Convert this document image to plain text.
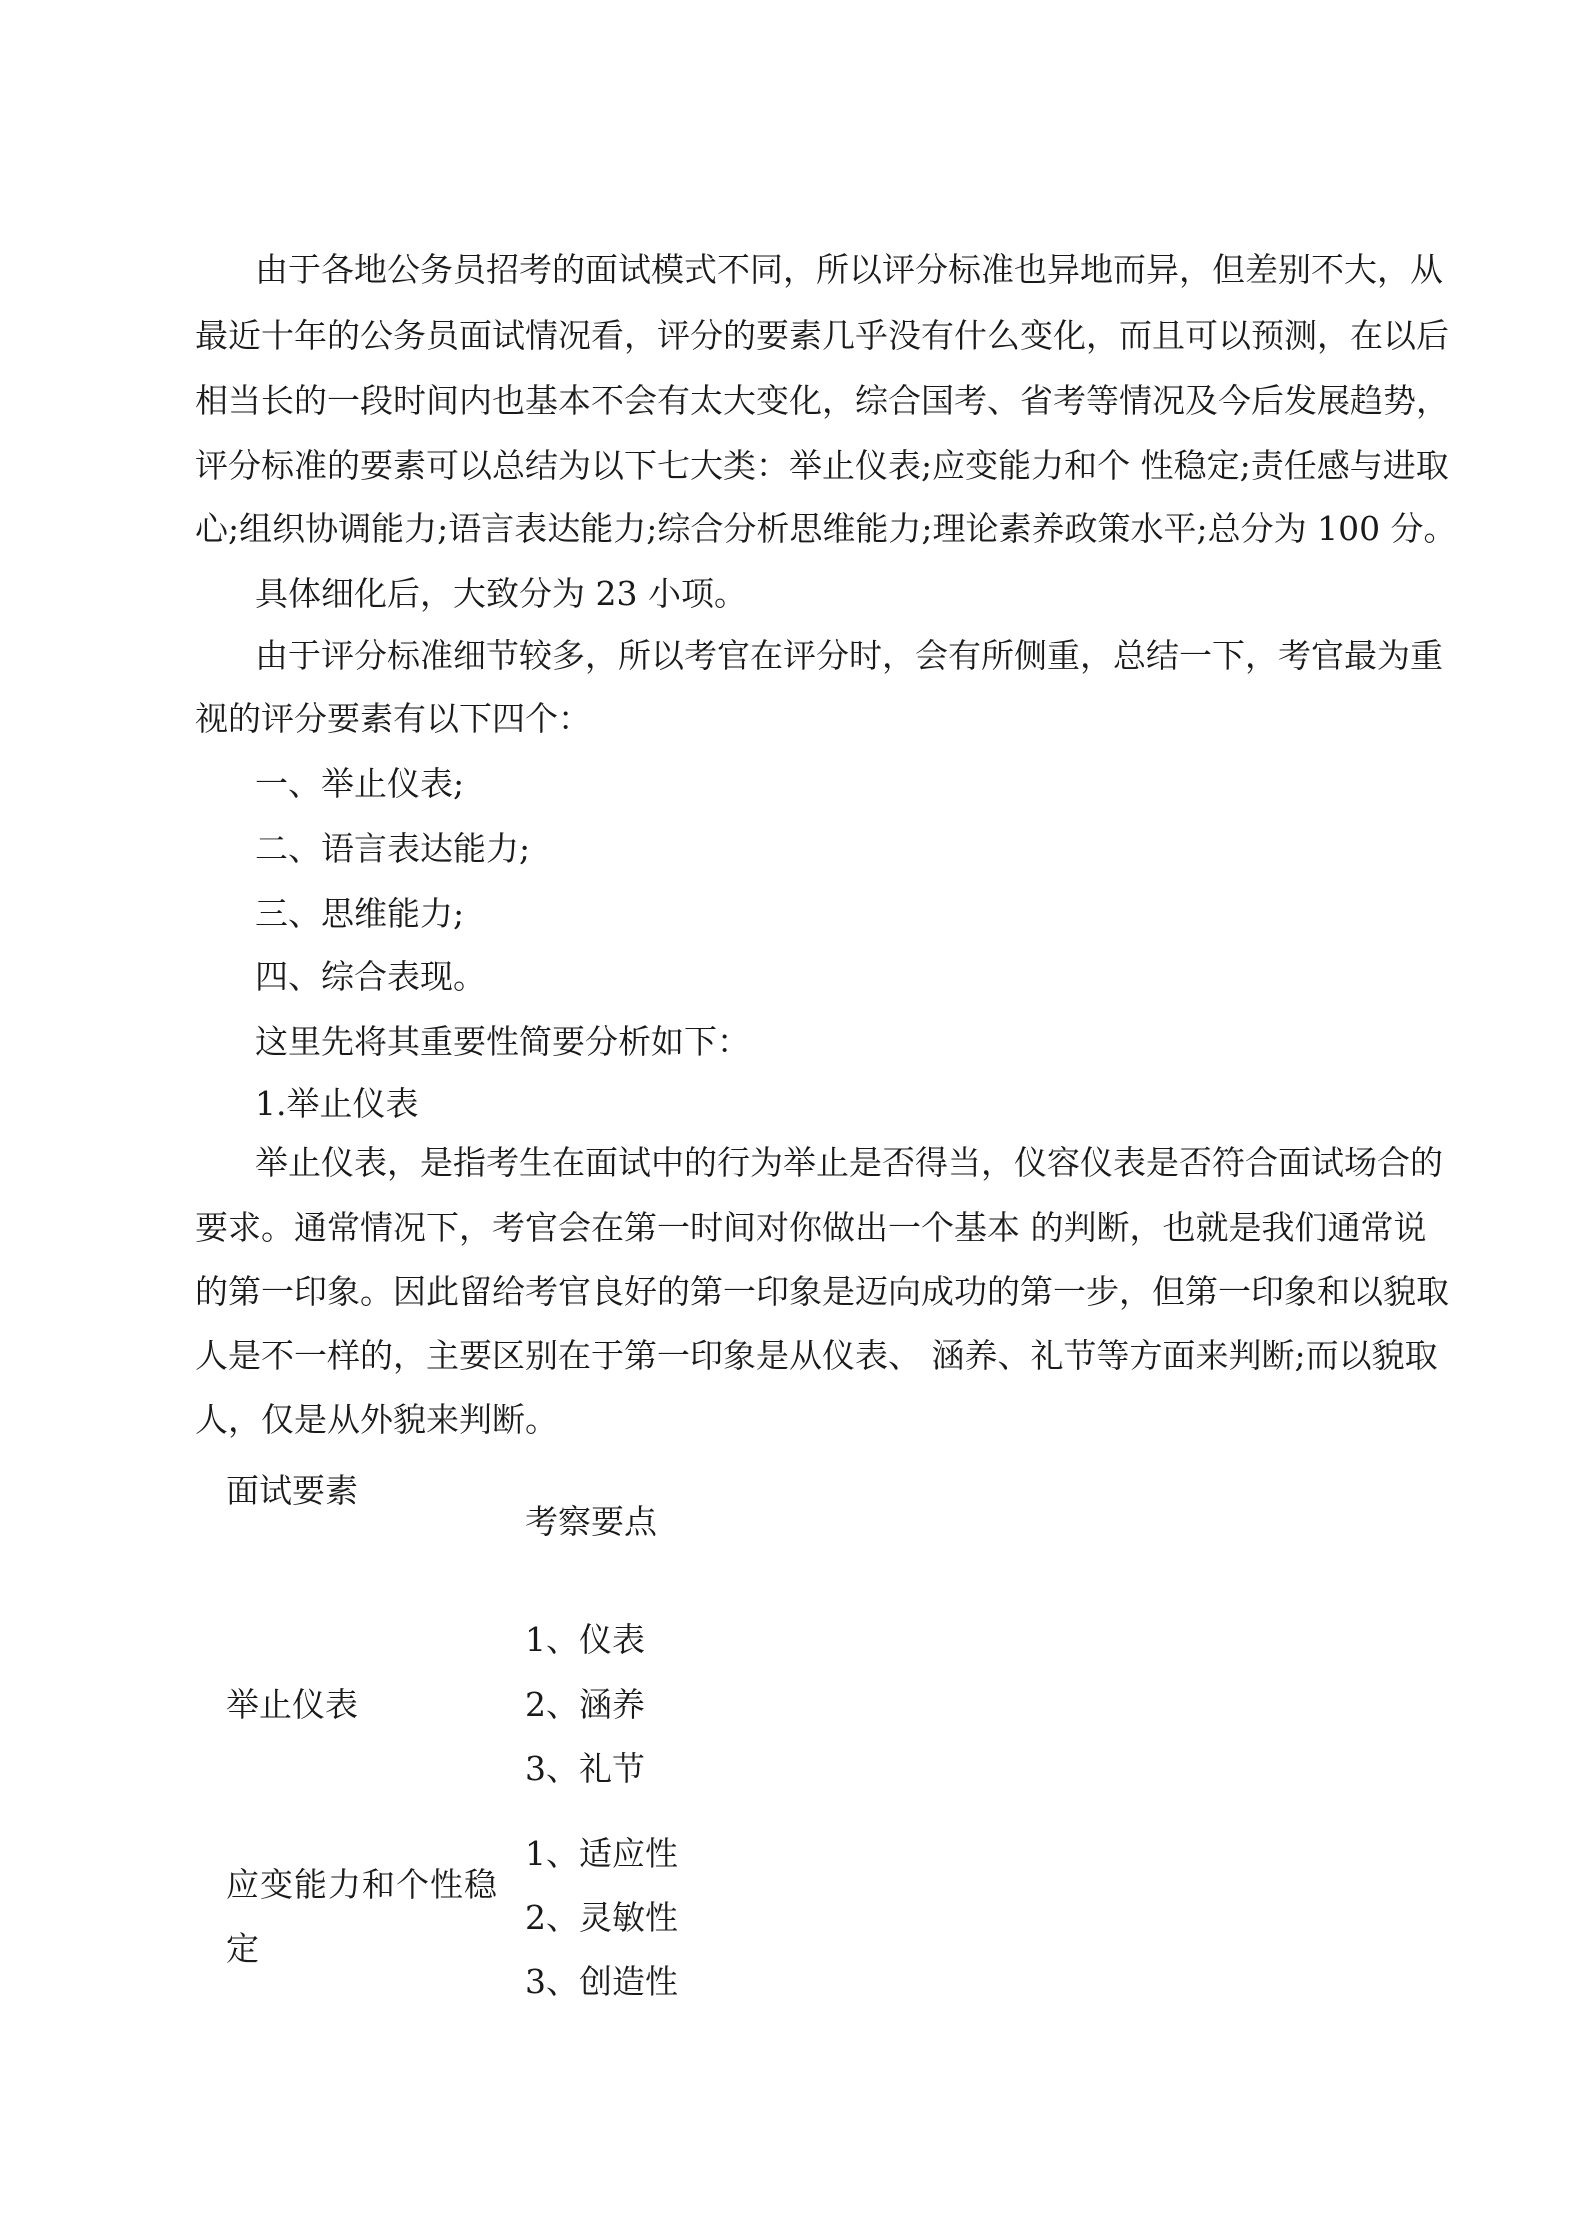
由于各地公务员招考的面试模式不同，所以评分标准也异地而异，但差别不大，从
最近十年的公务员面试情况看，评分的要素几乎没有什么变化，而且可以预测，在以后
相当长的一段时间内也基本不会有太大变化，综合国考、省考等情况及今后发展趋势，
评分标准的要素可以总结为以下七大类：举止仪表;应变能力和个 性稳定;责任感与进取
心;组织协调能力;语言表达能力;综合分析思维能力;理论素养政策水平;总分为 100 分。
具体细化后，大致分为 23 小项。
由于评分标准细节较多，所以考官在评分时，会有所侧重，总结一下，考官最为重
视的评分要素有以下四个：
一、举止仪表;
二、语言表达能力;
三、思维能力;
四、综合表现。
这里先将其重要性简要分析如下：
1.举止仪表
举止仪表，是指考生在面试中的行为举止是否得当，仪容仪表是否符合面试场合的
要求。通常情况下，考官会在第一时间对你做出一个基本 的判断，也就是我们通常说
的第一印象。因此留给考官良好的第一印象是迈向成功的第一步，但第一印象和以貌取
人是不一样的，主要区别在于第一印象是从仪表、 涵养、礼节等方面来判断;而以貌取
人，仅是从外貌来判断。
面试要素
考察要点
举止仪表
1、仪表
2、涵养
3、礼节
应变能力和个性稳
定
1、适应性
2、灵敏性
3、创造性
